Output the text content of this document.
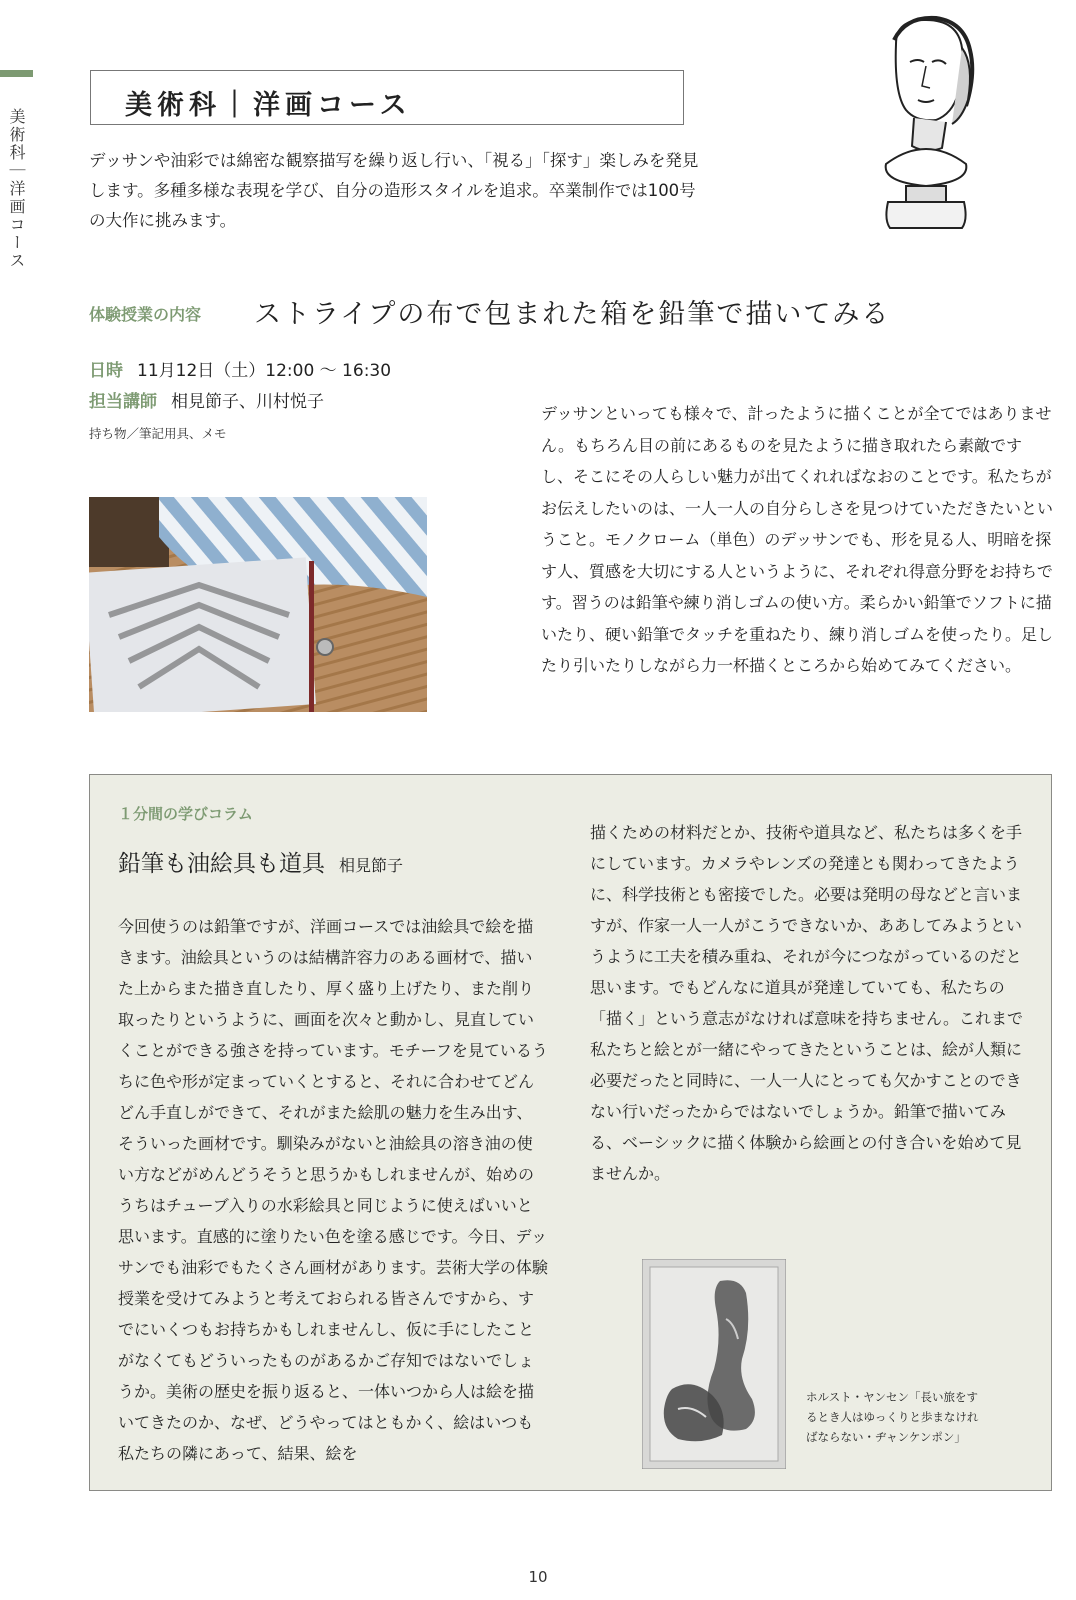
美術科｜洋画コース
美術科｜洋画コース
デッサンや油彩では綿密な観察描写を繰り返し行い、「視る」「探す」楽しみを発見します。多種多様な表現を学び、自分の造形スタイルを追求。卒業制作では100号の大作に挑みます。
体験授業の内容 ストライプの布で包まれた箱を鉛筆で描いてみる
日時 11月12日（土）12:00 〜 16:30
担当講師 相見節子、川村悦子
持ち物／筆記用具、メモ
デッサンといっても様々で、計ったように描くことが全てではありません。もちろん目の前にあるものを見たように描き取れたら素敵ですし、そこにその人らしい魅力が出てくれればなおのことです。私たちがお伝えしたいのは、一人一人の自分らしさを見つけていただきたいということ。モノクローム（単色）のデッサンでも、形を見る人、明暗を探す人、質感を大切にする人というように、それぞれ得意分野をお持ちです。習うのは鉛筆や練り消しゴムの使い方。柔らかい鉛筆でソフトに描いたり、硬い鉛筆でタッチを重ねたり、練り消しゴムを使ったり。足したり引いたりしながら力一杯描くところから始めてみてください。
１分間の学びコラム
鉛筆も油絵具も道具 相見節子
今回使うのは鉛筆ですが、洋画コースでは油絵具で絵を描きます。油絵具というのは結構許容力のある画材で、描いた上からまた描き直したり、厚く盛り上げたり、また削り取ったりというように、画面を次々と動かし、見直していくことができる強さを持っています。モチーフを見ているうちに色や形が定まっていくとすると、それに合わせてどんどん手直しができて、それがまた絵肌の魅力を生み出す、そういった画材です。馴染みがないと油絵具の溶き油の使い方などがめんどうそうと思うかもしれませんが、始めのうちはチューブ入りの水彩絵具と同じように使えばいいと思います。直感的に塗りたい色を塗る感じです。今日、デッサンでも油彩でもたくさん画材があります。芸術大学の体験授業を受けてみようと考えておられる皆さんですから、すでにいくつもお持ちかもしれませんし、仮に手にしたことがなくてもどういったものがあるかご存知ではないでしょうか。美術の歴史を振り返ると、一体いつから人は絵を描いてきたのか、なぜ、どうやってはともかく、絵はいつも私たちの隣にあって、結果、絵を
描くための材料だとか、技術や道具など、私たちは多くを手にしています。カメラやレンズの発達とも関わってきたように、科学技術とも密接でした。必要は発明の母などと言いますが、作家一人一人がこうできないか、ああしてみようというように工夫を積み重ね、それが今につながっているのだと思います。でもどんなに道具が発達していても、私たちの「描く」という意志がなければ意味を持ちません。これまで私たちと絵とが一緒にやってきたということは、絵が人類に必要だったと同時に、一人一人にとっても欠かすことのできない行いだったからではないでしょうか。鉛筆で描いてみる、ベーシックに描く体験から絵画との付き合いを始めて見ませんか。
ホルスト・ヤンセン「長い旅をするとき人はゆっくりと歩まなければならない・ヂャンケンポン」
10
